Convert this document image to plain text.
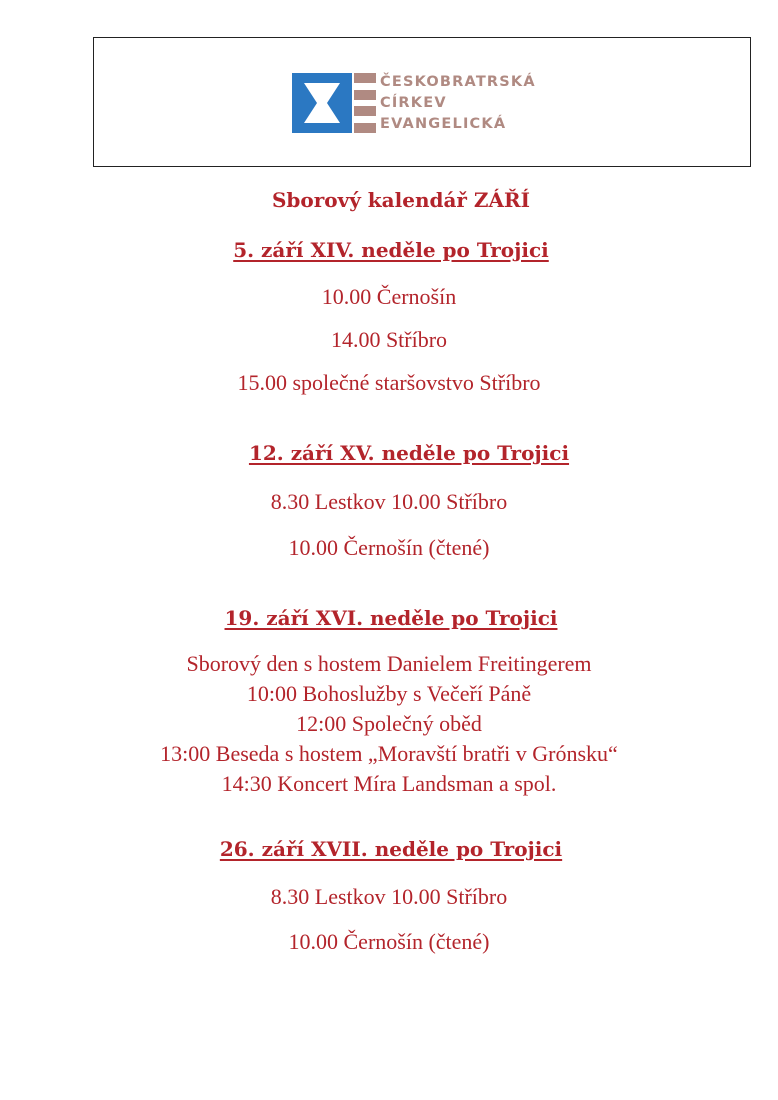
ČESKOBRATRSKÁ
CÍRKEV
EVANGELICKÁ
Sborový kalendář ZÁŘÍ
5. září XIV. neděle po Trojici
10.00 Černošín
14.00 Stříbro
15.00 společné staršovstvo Stříbro
12. září XV. neděle po Trojici
8.30 Lestkov 10.00 Stříbro
10.00 Černošín (čtené)
19. září XVI. neděle po Trojici
Sborový den s hostem Danielem Freitingerem
10:00 Bohoslužby s Večeří Páně
12:00 Společný oběd
13:00 Beseda s hostem „Moravští bratři v Grónsku“
14:30 Koncert Míra Landsman a spol.
26. září XVII. neděle po Trojici
8.30 Lestkov 10.00 Stříbro
10.00 Černošín (čtené)
